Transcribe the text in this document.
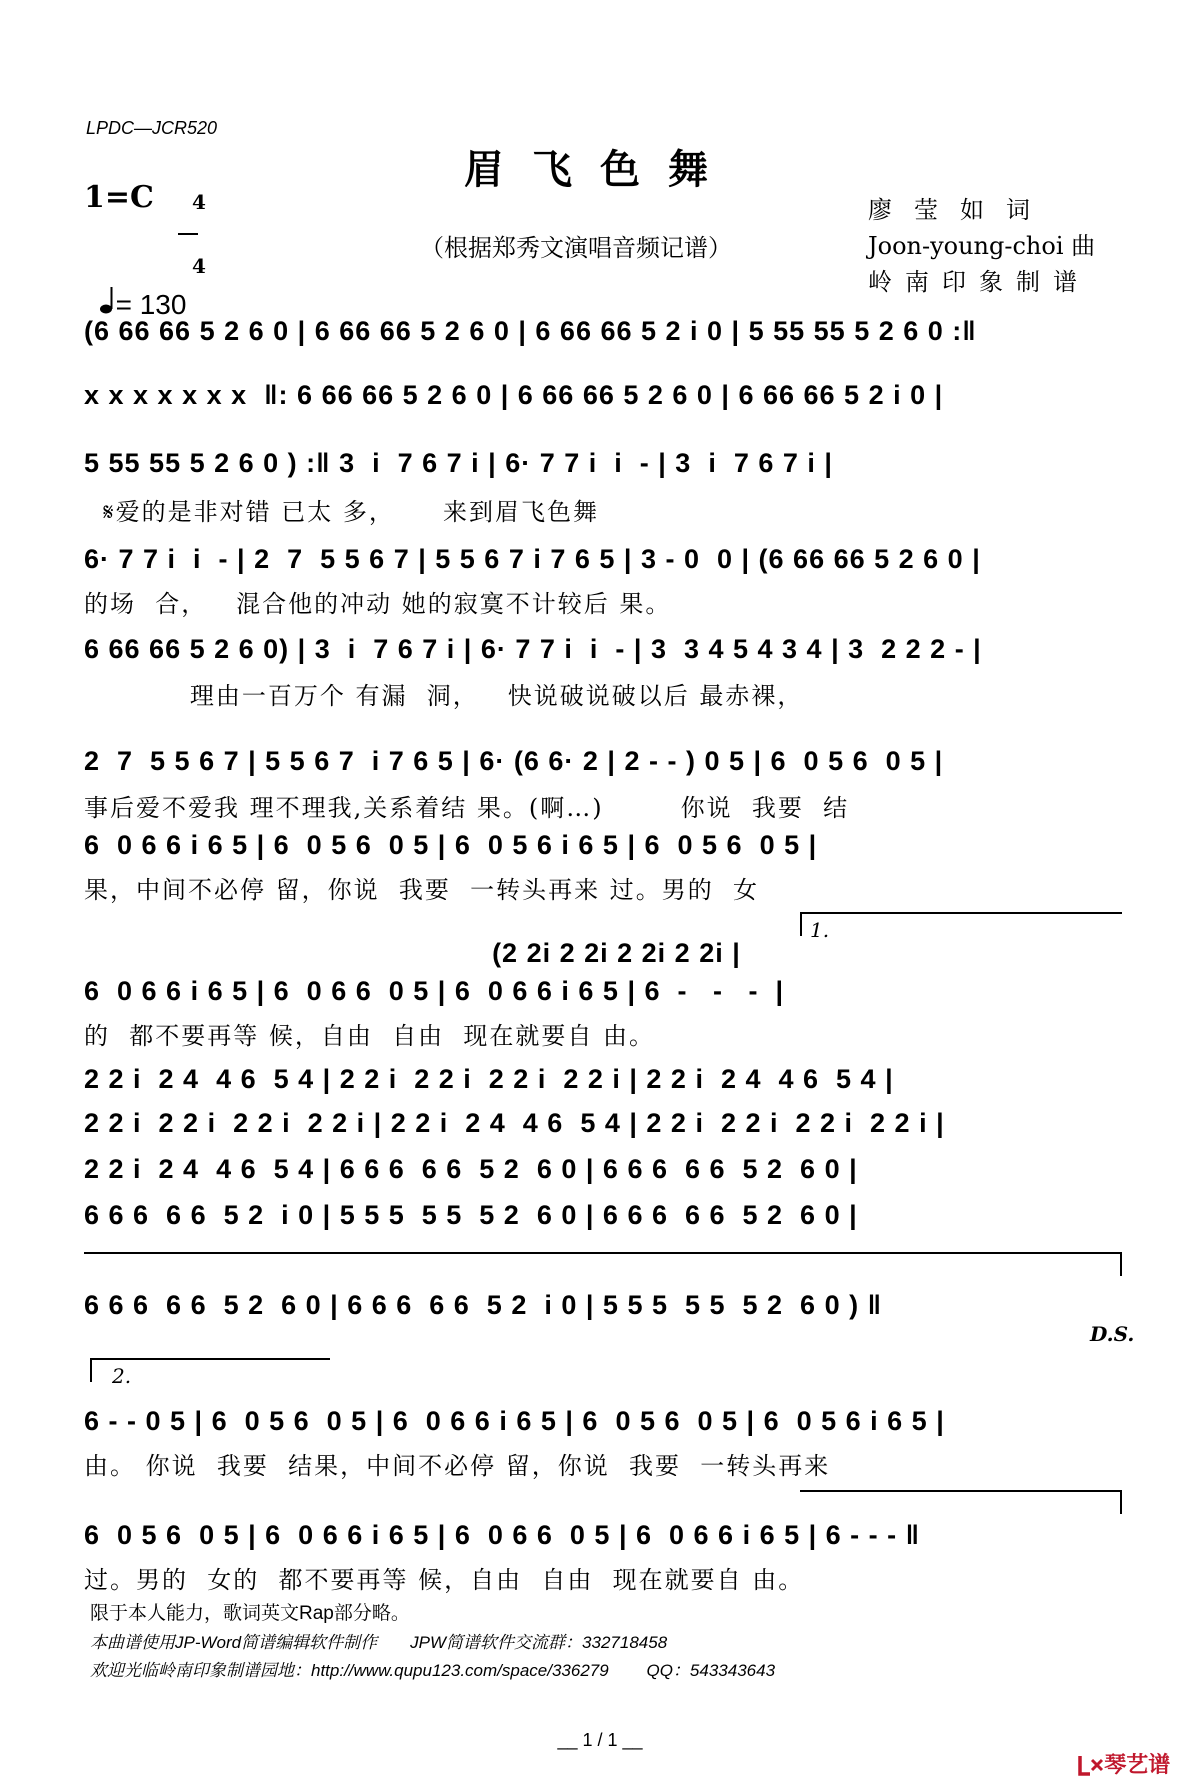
LPDC—JCR520
眉飞色舞
1=C	4

4

= 130

（根据郑秀文演唱音频记谱）
廖莹如词
Joon-young-choi 曲
岭南印象制谱
(6 66 66 5 2 6 0 | 6 66 66 5 2 6 0 | 6 66 66 5 2 i 0 | 5 55 55 5 2 6 0 :‖
x x x x x x x  ‖: 6 66 66 5 2 6 0 | 6 66 66 5 2 6 0 | 6 66 66 5 2 i 0 |
5 55 55 5 2 6 0 ) :‖ 3  i  7 6 7 i | 6· 7 7 i  i  - | 3  i  7 6 7 i |
𝄋爱的是非对错 已太 多，     来到眉飞色舞
6· 7 7 i  i  - | 2  7  5 5 6 7 | 5 5 6 7 i 7 6 5 | 3 - 0  0 | (6 66 66 5 2 6 0 |
的场  合，   混合他的冲动 她的寂寞不计较后 果。
6 66 66 5 2 6 0) | 3  i  7 6 7 i | 6· 7 7 i  i  - | 3  3 4 5 4 3 4 | 3  2 2 2 - |
理由一百万个 有漏  洞，   快说破说破以后 最赤裸，
2  7  5 5 6 7 | 5 5 6 7  i 7 6 5 | 6· (6 6· 2 | 2 - - ) 0 5 | 6  0 5 6  0 5 |
事后爱不爱我 理不理我,关系着结 果。(啊…)        你说  我要  结
6  0 6 6 i 6 5 | 6  0 5 6  0 5 | 6  0 5 6 i 6 5 | 6  0 5 6  0 5 |
果，中间不必停 留，你说  我要  一转头再来 过。男的  女
1.
(2 2i 2 2i 2 2i 2 2i |
6  0 6 6 i 6 5 | 6  0 6 6  0 5 | 6  0 6 6 i 6 5 | 6  -   -   -  |
的  都不要再等 候，自由  自由  现在就要自 由。
2 2 i  2 4  4 6  5 4 | 2 2 i  2 2 i  2 2 i  2 2 i | 2 2 i  2 4  4 6  5 4 |
2 2 i  2 2 i  2 2 i  2 2 i | 2 2 i  2 4  4 6  5 4 | 2 2 i  2 2 i  2 2 i  2 2 i |
2 2 i  2 4  4 6  5 4 | 6 6 6  6 6  5 2  6 0 | 6 6 6  6 6  5 2  6 0 |
6 6 6  6 6  5 2  i 0 | 5 5 5  5 5  5 2  6 0 | 6 6 6  6 6  5 2  6 0 |
6 6 6  6 6  5 2  6 0 | 6 6 6  6 6  5 2  i 0 | 5 5 5  5 5  5 2  6 0 ) ‖
D.S.
2.
6 - - 0 5 | 6  0 5 6  0 5 | 6  0 6 6 i 6 5 | 6  0 5 6  0 5 | 6  0 5 6 i 6 5 |
由。 你说  我要  结果，中间不必停 留，你说  我要  一转头再来
6  0 5 6  0 5 | 6  0 6 6 i 6 5 | 6  0 6 6  0 5 | 6  0 6 6 i 6 5 | 6 - - - ‖
过。男的  女的  都不要再等 候，自由  自由  现在就要自 由。
限于本人能力，歌词英文Rap部分略。
本曲谱使用JP-Word简谱编辑软件制作       JPW简谱软件交流群：332718458
欢迎光临岭南印象制谱园地：http://www.qupu123.com/space/336279        QQ：543343643
__ 1 / 1 __

琴艺谱
